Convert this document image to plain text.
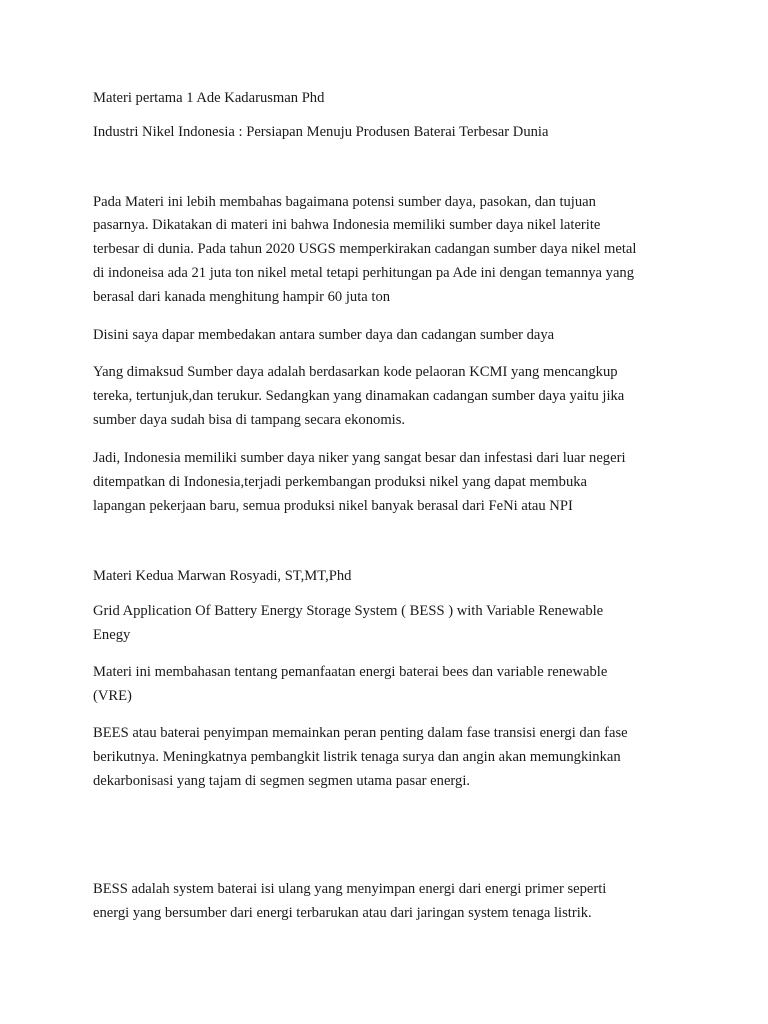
Materi pertama 1 Ade Kadarusman Phd

Industri Nikel Indonesia : Persiapan Menuju Produsen Baterai Terbesar Dunia

Pada Materi ini lebih membahas bagaimana potensi sumber daya, pasokan, dan tujuan

pasarnya. Dikatakan di materi ini bahwa Indonesia memiliki sumber daya nikel laterite

terbesar di dunia. Pada tahun 2020 USGS memperkirakan cadangan sumber daya nikel metal

di indoneisa ada 21 juta ton nikel metal tetapi perhitungan pa Ade ini dengan temannya yang

berasal dari kanada menghitung hampir 60 juta ton

Disini saya dapar membedakan antara sumber daya dan cadangan sumber daya

Yang dimaksud Sumber daya adalah berdasarkan kode pelaoran KCMI yang mencangkup

tereka, tertunjuk,dan terukur. Sedangkan yang dinamakan cadangan sumber daya yaitu jika

sumber daya sudah bisa di tampang secara ekonomis.

Jadi, Indonesia memiliki sumber daya niker yang sangat besar dan infestasi dari luar negeri

ditempatkan di Indonesia,terjadi perkembangan produksi nikel yang dapat membuka

lapangan pekerjaan baru, semua produksi nikel banyak berasal dari FeNi atau NPI

Materi Kedua Marwan Rosyadi, ST,MT,Phd

Grid Application Of Battery Energy Storage System ( BESS ) with Variable Renewable

Enegy

Materi ini membahasan tentang pemanfaatan energi baterai bees dan variable renewable

(VRE)

BEES atau baterai penyimpan memainkan peran penting dalam fase transisi energi dan fase

berikutnya. Meningkatnya pembangkit listrik tenaga surya dan angin akan memungkinkan

dekarbonisasi yang tajam di segmen segmen utama pasar energi.

BESS adalah system baterai isi ulang yang menyimpan energi dari energi primer seperti

energi yang bersumber dari energi terbarukan atau dari jaringan system tenaga listrik.
